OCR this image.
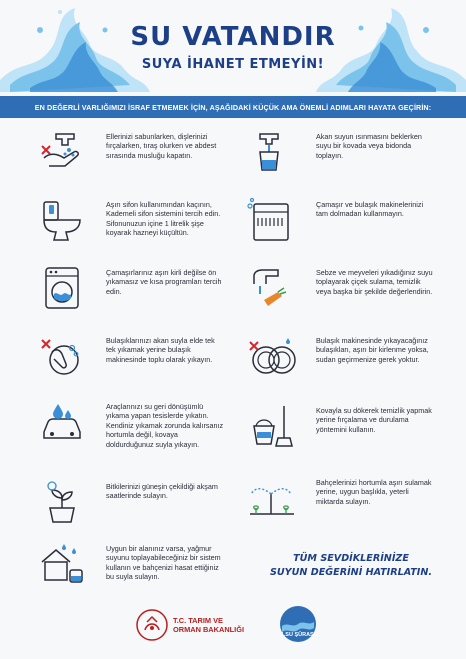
SU VATANDIR
SUYA İHANET ETMEYİN!
EN DEĞERLİ VARLIĞIMIZI İSRAF ETMEMEK İÇİN, AŞAĞIDAKİ KÜÇÜK AMA ÖNEMLİ ADIMLARI HAYATA GEÇİRİN:
Ellerinizi sabunlarken, dişlerinizi fırçalarken, tıraş olurken ve abdest sırasında musluğu kapatın.
Aşırı sifon kullanımından kaçının, Kademeli sifon sistemini tercih edin. Sifonunuzun içine 1 litrelik şişe koyarak hazneyi küçültün.
Çamaşırlarınız aşırı kirli değilse ön yıkamasız ve kısa programları tercih edin.
Bulaşıklarınızı akan suyla elde tek tek yıkamak yerine bulaşık makinesinde toplu olarak yıkayın.
Araçlarınızı su geri dönüşümlü yıkama yapan tesislerde yıkatın. Kendiniz yıkamak zorunda kalırsanız hortumla değil, kovaya doldurduğunuz suyla yıkayın.
Bitkilerinizi güneşin çekildiği akşam saatlerinde sulayın.
Uygun bir alanınız varsa, yağmur suyunu toplayabileceğiniz bir sistem kullanın ve bahçenizi hasat ettiğiniz bu suyla sulayın.
Akan suyun ısınmasını beklerken suyu bir kovada veya bidonda toplayın.
Çamaşır ve bulaşık makinelerinizi tam dolmadan kullanmayın.
Sebze ve meyveleri yıkadığınız suyu toplayarak çiçek sulama, temizlik veya başka bir şekilde değerlendirin.
Bulaşık makinesinde yıkayacağınız bulaşıkları, aşırı bir kirlenme yoksa, sudan geçirmenize gerek yoktur.
Kovayla su dökerek temizlik yapmak yerine fırçalama ve durulama yöntemini kullanın.
Bahçelerinizi hortumla aşırı sulamak yerine, uygun başlıkla, yeterli miktarda sulayın.
TÜM SEVDİKLERİNİZE
SUYUN DEĞERİNİ HATIRLATIN.
T.C. TARIM VE
ORMAN BAKANLIĞI
1.SU ŞÛRASI
